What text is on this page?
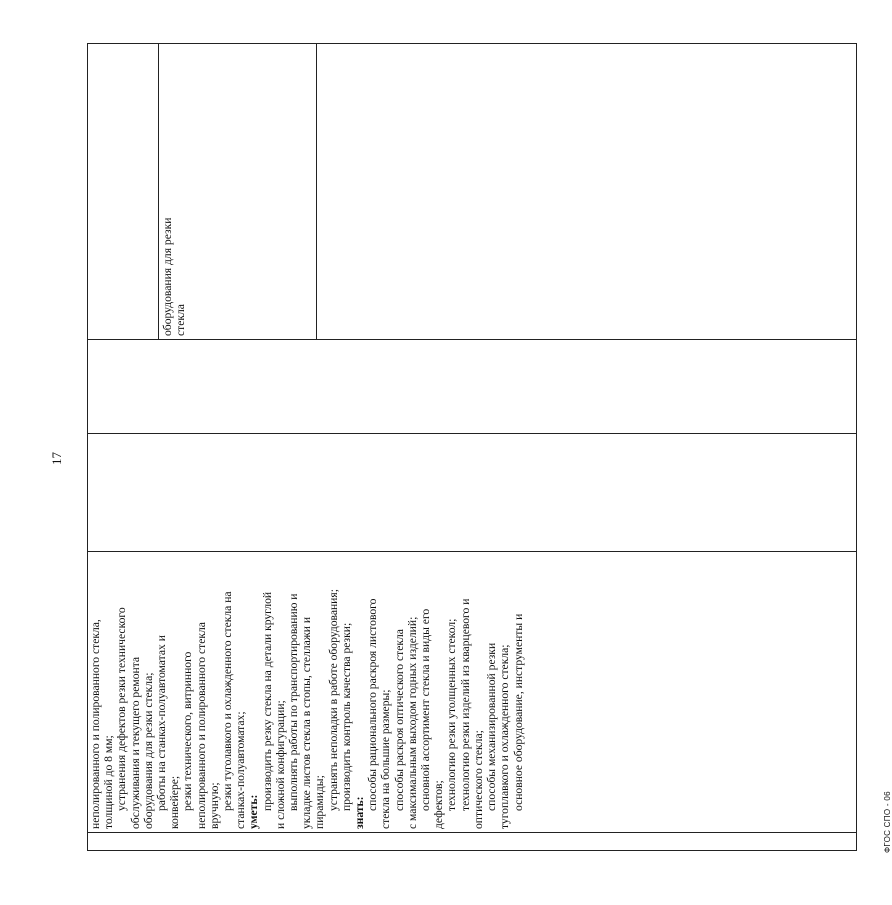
17

неполированного и полированного стекла, толщиной до 8 мм; устранения дефектов резки технического обслуживания и текущего ремонта оборудования для резки стекла; работы на станках-полуавтоматах и конвейере; резки технического, витринного неполированного и полированного стекла вручную; резки туголавкого и охлажденного стекла на станках-полуавтоматах; уметь:

производить резку стекла на детали круглой и сложной конфигурации; выполнять работы по транспортированию и укладке листов стекла в стопы, стеллажи и пирамиды; устранять неполадки в работе оборудования; производить контроль качества резки;

знать:

способы рационального раскроя листового стекла на большие размеры; способы раскроя оптического стекла с максимальным выходом годных изделий; основной ассортимент стекла и виды его дефектов; технологию резки утолщенных стекол; технологию резки изделий из кварцевого и оптического стекла; способы механизированной резки тугоплавкого и охлажденного стекла; основное оборудование, инструменты и

оборудования для резки стекла
ФГОС СПО - 06
